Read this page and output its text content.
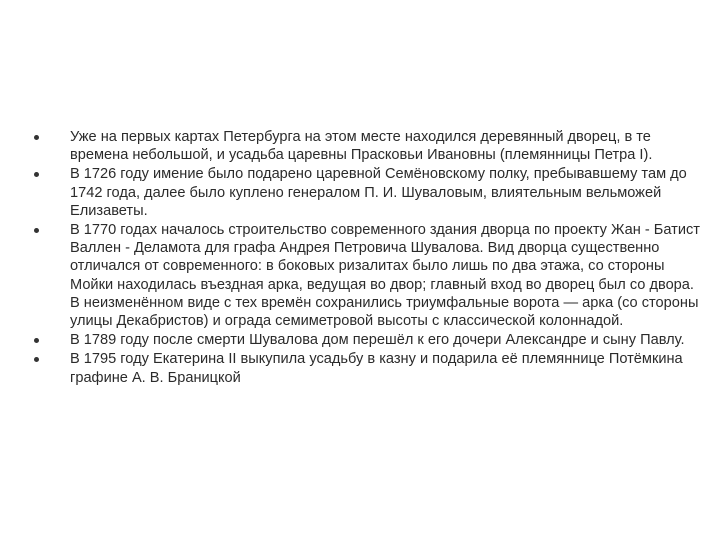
Уже на первых картах Петербурга на этом месте находился деревянный дворец, в те времена небольшой, и усадьба царевны Прасковьи Ивановны (племянницы Петра I).
В 1726 году имение было подарено царевной Семёновскому полку, пребывавшему там до 1742 года, далее было куплено генералом П. И. Шуваловым, влиятельным вельможей Елизаветы.
В 1770 годах началось строительство современного здания дворца по проекту Жан - Батист Валлен - Деламота для графа Андрея Петровича Шувалова. Вид дворца существенно отличался от современного: в боковых ризалитах было лишь по два этажа, со стороны Мойки находилась въездная арка, ведущая во двор; главный вход во дворец был со двора. В неизменённом виде с тех времён сохранились триумфальные ворота — арка (со стороны улицы Декабристов) и ограда семиметровой высоты с классической колоннадой.
В 1789 году после смерти Шувалова дом перешёл к его дочери Александре и сыну Павлу.
В 1795 году Екатерина II выкупила усадьбу в казну и подарила её племяннице Потёмкина графине А. В. Браницкой
